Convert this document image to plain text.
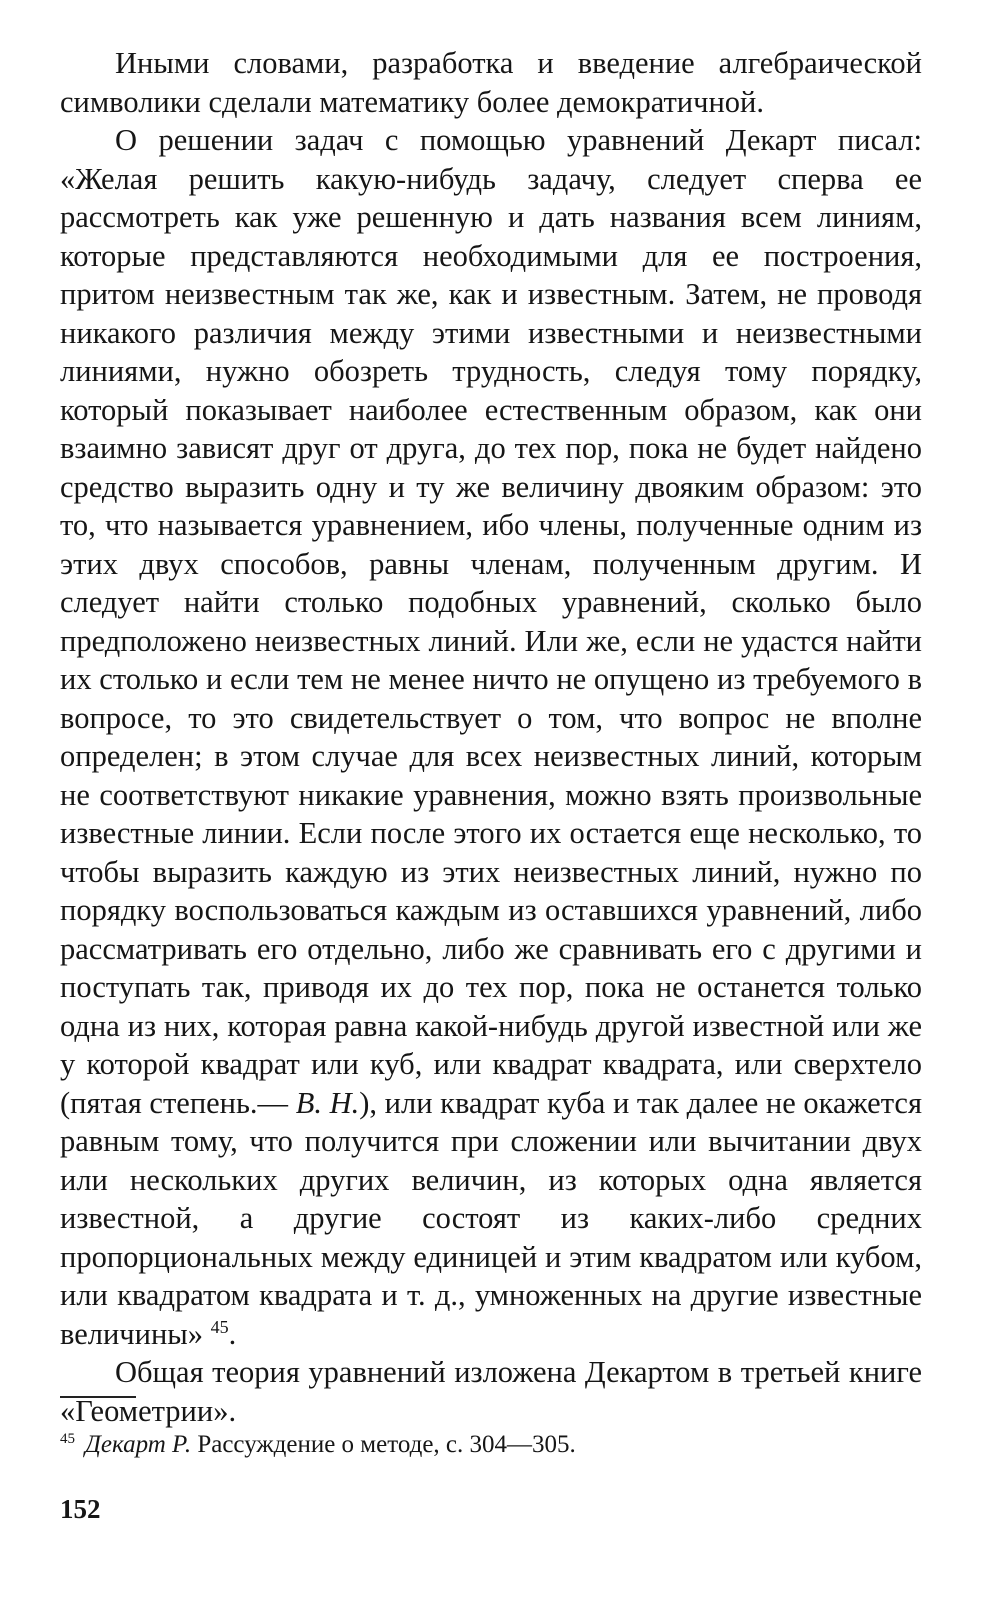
Иными словами, разработка и введение алгебраической символики сделали математику более демократичной.

О решении задач с помощью уравнений Декарт писал: «Желая решить какую-нибудь задачу, следует сперва ее рассмотреть как уже решенную и дать названия всем линиям, которые представляются необходимыми для ее построения, притом неизвестным так же, как и известным. Затем, не проводя никакого различия между этими известными и неизвестными линиями, нужно обозреть трудность, следуя тому порядку, который показывает наиболее естественным образом, как они взаимно зависят друг от друга, до тех пор, пока не будет найдено средство выразить одну и ту же величину двояким образом: это то, что называется уравнением, ибо члены, полученные одним из этих двух способов, равны членам, полученным другим. И следует найти столько подобных уравнений, сколько было предположено неизвестных линий. Или же, если не удастся найти их столько и если тем не менее ничто не опущено из требуемого в вопросе, то это свидетельствует о том, что вопрос не вполне определен; в этом случае для всех неизвестных линий, которым не соответствуют никакие уравнения, можно взять произвольные известные линии. Если после этого их остается еще несколько, то чтобы выразить каждую из этих неизвестных линий, нужно по порядку воспользоваться каждым из оставшихся уравнений, либо рассматривать его отдельно, либо же сравнивать его с другими и поступать так, приводя их до тех пор, пока не останется только одна из них, которая равна какой-нибудь другой известной или же у которой квадрат или куб, или квадрат квадрата, или сверхтело (пятая степень.— В. Н.), или квадрат куба и так далее не окажется равным тому, что получится при сложении или вычитании двух или нескольких других величин, из которых одна является известной, а другие состоят из каких-либо средних пропорциональных между единицей и этим квадратом или кубом, или квадратом квадрата и т. д., умноженных на другие известные величины» $^{45}$.

Общая теория уравнений изложена Декартом в третьей книге «Геометрии».

$^{45}$ Декарт Р. Рассуждение о методе, с. 304—305.
152
